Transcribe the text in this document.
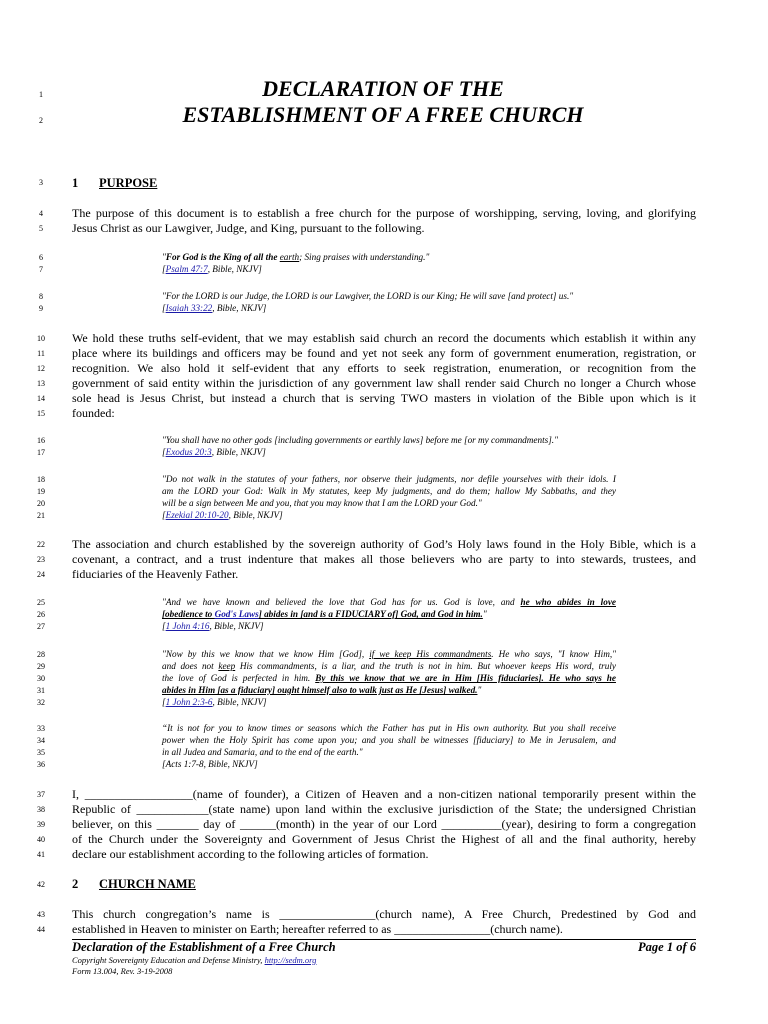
1
2
3
4
5
6
7
8
9
10
11
12
13
14
15
16
17
18
19
20
21
22
23
24
25
26
27
28
29
30
31
32
33
34
35
36
37
38
39
40
41
42
43
44
DECLARATION OF THE
ESTABLISHMENT OF A FREE CHURCH
1 PURPOSE
The purpose of this document is to establish a free church for the purpose of worshipping, serving, loving, and glorifying
Jesus Christ as our Lawgiver, Judge, and King, pursuant to the following.
"For God is the King of all the earth; Sing praises with understanding."
[Psalm 47:7, Bible, NKJV]
"For the LORD is our Judge, the LORD is our Lawgiver, the LORD is our King; He will save [and protect] us."
[Isaiah 33:22, Bible, NKJV]
We hold these truths self-evident, that we may establish said church an record the documents which establish it within any
place where its buildings and officers may be found and yet not seek any form of government enumeration, registration, or
recognition. We also hold it self-evident that any efforts to seek registration, enumeration, or recognition from the
government of said entity within the jurisdiction of any government law shall render said Church no longer a Church whose
sole head is Jesus Christ, but instead a church that is serving TWO masters in violation of the Bible upon which is it
founded:
"You shall have no other gods [including governments or earthly laws] before me [or my commandments]."
[Exodus 20:3, Bible, NKJV]
"Do not walk in the statutes of your fathers, nor observe their judgments, nor defile yourselves with their idols. I
am the LORD your God: Walk in My statutes, keep My judgments, and do them; hallow My Sabbaths, and they
will be a sign between Me and you, that you may know that I am the LORD your God."
[Ezekial 20:10-20, Bible, NKJV]
The association and church established by the sovereign authority of God’s Holy laws found in the Holy Bible, which is a
covenant, a contract, and a trust indenture that makes all those believers who are party to into stewards, trustees, and
fiduciaries of the Heavenly Father.
"And we have known and believed the love that God has for us. God is love, and he who abides in love
[obedience to God's Laws] abides in [and is a FIDUCIARY of] God, and God in him."
[1 John 4:16, Bible, NKJV]
"Now by this we know that we know Him [God], if we keep His commandments. He who says, "I know Him,"
and does not keep His commandments, is a liar, and the truth is not in him. But whoever keeps His word, truly
the love of God is perfected in him. By this we know that we are in Him [His fiduciaries]. He who says he
abides in Him [as a fiduciary] ought himself also to walk just as He [Jesus] walked."
[1 John 2:3-6, Bible, NKJV]
“It is not for you to know times or seasons which the Father has put in His own authority. But you shall receive
power when the Holy Spirit has come upon you; and you shall be witnesses [fiduciary] to Me in Jerusalem, and
in all Judea and Samaria, and to the end of the earth."
[Acts 1:7-8, Bible, NKJV]
I, __________________(name of founder), a Citizen of Heaven and a non-citizen national temporarily present within the
Republic of ____________(state name) upon land within the exclusive jurisdiction of the State; the undersigned Christian
believer, on this _______ day of ______(month) in the year of our Lord __________(year), desiring to form a congregation
of the Church under the Sovereignty and Government of Jesus Christ the Highest of all and the final authority, hereby
declare our establishment according to the following articles of formation.
2 CHURCH NAME
This church congregation’s name is ________________(church name), A Free Church, Predestined by God and
established in Heaven to minister on Earth; hereafter referred to as ________________(church name).
Declaration of the Establishment of a Free Church	Page 1 of 6
Copyright Sovereignty Education and Defense Ministry, http://sedm.org
Form 13.004, Rev. 3-19-2008
